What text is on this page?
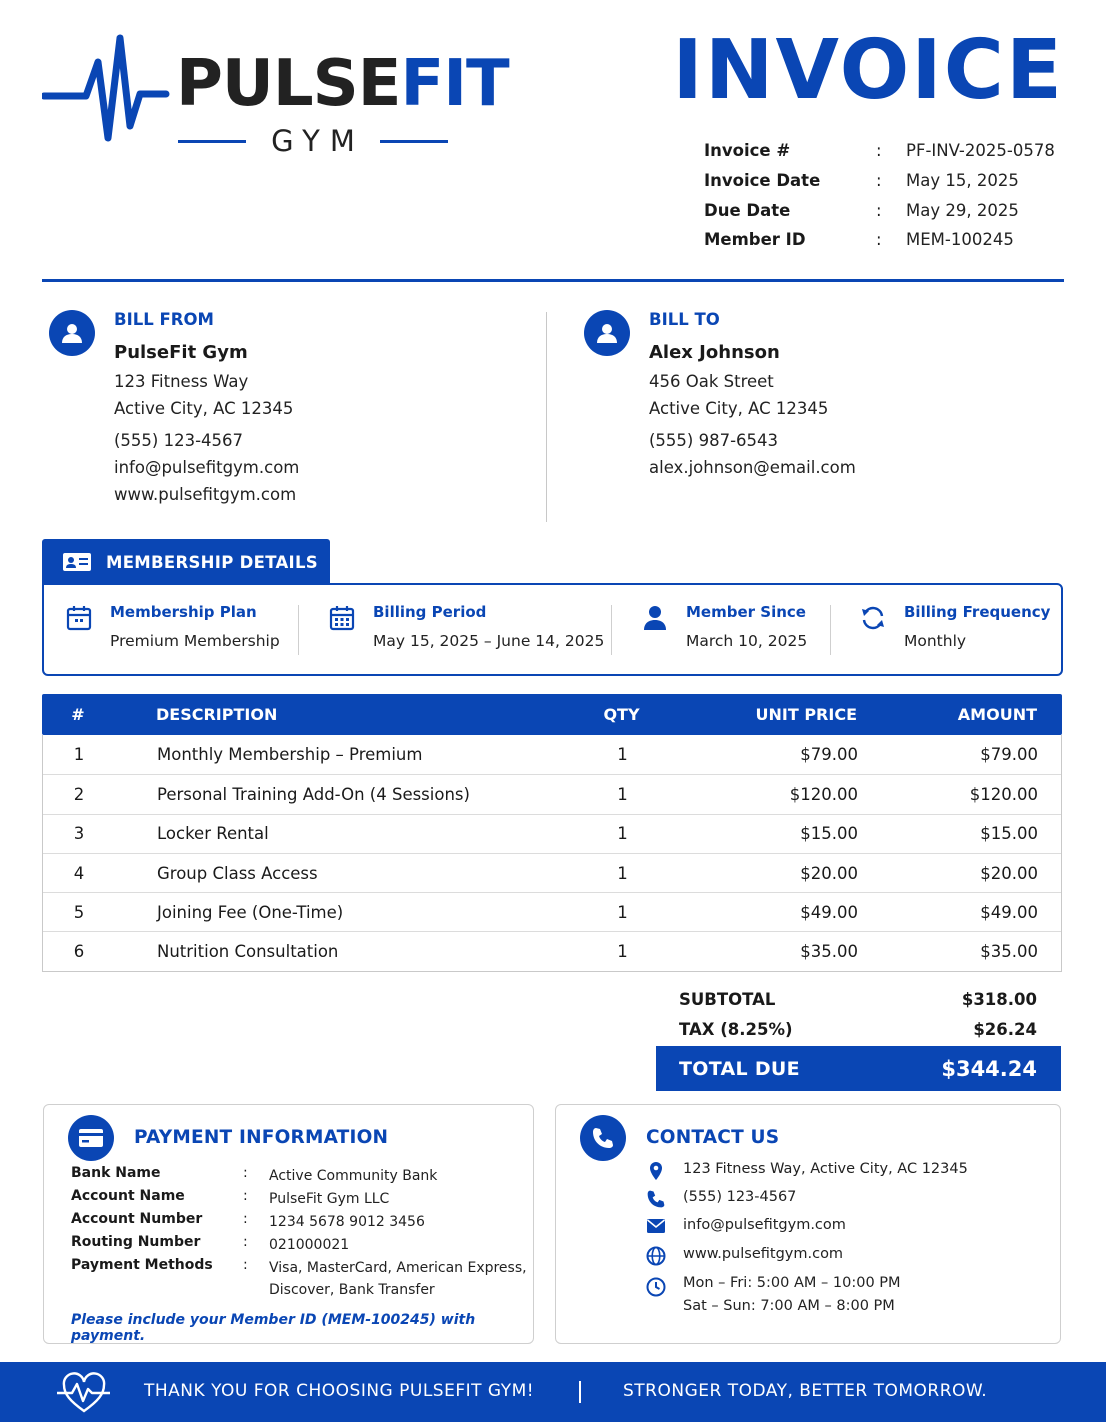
PULSEFIT
GYM
INVOICE
Invoice #	:	PF-INV-2025-0578
Invoice Date	:	May 15, 2025
Due Date	:	May 29, 2025
Member ID	:	MEM-100245
BILL FROM
PulseFit Gym
123 Fitness Way
Active City, AC 12345
(555) 123-4567
info@pulsefitgym.com
www.pulsefitgym.com
BILL TO
Alex Johnson
456 Oak Street
Active City, AC 12345
(555) 987-6543
alex.johnson@email.com
MEMBERSHIP DETAILS
Membership Plan
Premium Membership
Billing Period
May 15, 2025 – June 14, 2025
Member Since
March 10, 2025
Billing Frequency
Monthly
#	DESCRIPTION	QTY	UNIT PRICE	AMOUNT
1	Monthly Membership – Premium	1	$79.00	$79.00
2	Personal Training Add-On (4 Sessions)	1	$120.00	$120.00
3	Locker Rental	1	$15.00	$15.00
4	Group Class Access	1	$20.00	$20.00
5	Joining Fee (One-Time)	1	$49.00	$49.00
6	Nutrition Consultation	1	$35.00	$35.00
SUBTOTAL	$318.00
TAX (8.25%)	$26.24
TOTAL DUE	$344.24
PAYMENT INFORMATION
Bank Name	:	Active Community Bank
Account Name	:	PulseFit Gym LLC
Account Number	:	1234 5678 9012 3456
Routing Number	:	021000021
Payment Methods	:	Visa, MasterCard, American Express, Discover, Bank Transfer
Please include your Member ID (MEM-100245) with payment.
CONTACT US
123 Fitness Way, Active City, AC 12345
(555) 123-4567
info@pulsefitgym.com
www.pulsefitgym.com
Mon – Fri: 5:00 AM – 10:00 PM
Sat – Sun: 7:00 AM – 8:00 PM
THANK YOU FOR CHOOSING PULSEFIT GYM!	STRONGER TODAY, BETTER TOMORROW.
